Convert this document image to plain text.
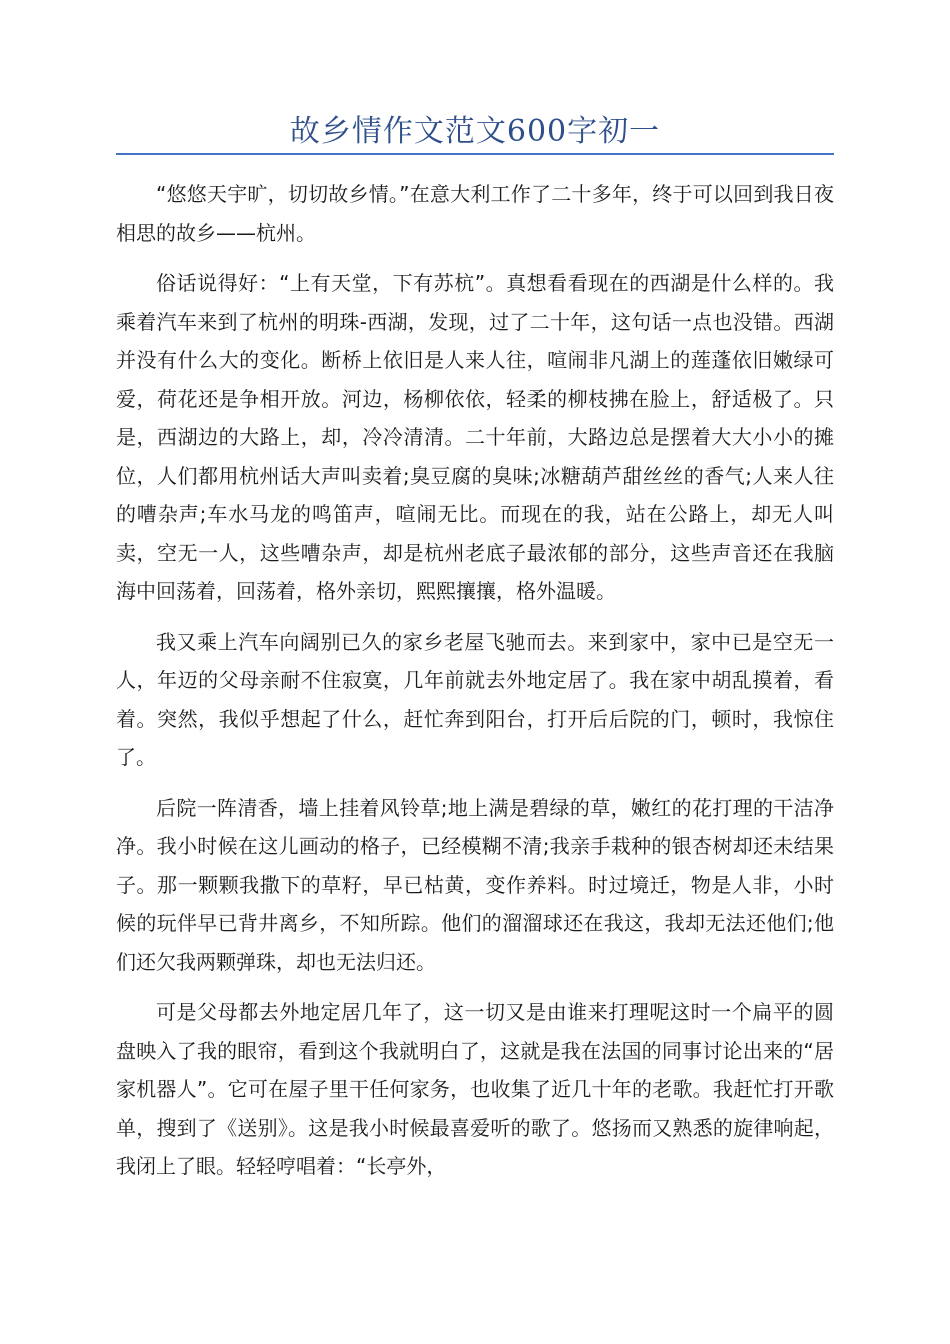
故乡情作文范文600字初一

“悠悠天宇旷，切切故乡情。”在意大利工作了二十多年，终于可以回到我日夜相思的故乡——杭州。

俗话说得好：“上有天堂，下有苏杭”。真想看看现在的西湖是什么样的。我乘着汽车来到了杭州的明珠-西湖，发现，过了二十年，这句话一点也没错。西湖并没有什么大的变化。断桥上依旧是人来人往，喧闹非凡湖上的莲蓬依旧嫩绿可爱，荷花还是争相开放。河边，杨柳依依，轻柔的柳枝拂在脸上，舒适极了。只是，西湖边的大路上，却，冷冷清清。二十年前，大路边总是摆着大大小小的摊位，人们都用杭州话大声叫卖着;臭豆腐的臭味;冰糖葫芦甜丝丝的香气;人来人往的嘈杂声;车水马龙的鸣笛声，喧闹无比。而现在的我，站在公路上，却无人叫卖，空无一人，这些嘈杂声，却是杭州老底子最浓郁的部分，这些声音还在我脑海中回荡着，回荡着，格外亲切，熙熙攘攘，格外温暖。

我又乘上汽车向阔别已久的家乡老屋飞驰而去。来到家中，家中已是空无一人，年迈的父母亲耐不住寂寞，几年前就去外地定居了。我在家中胡乱摸着，看着。突然，我似乎想起了什么，赶忙奔到阳台，打开后后院的门，顿时，我惊住了。

后院一阵清香，墙上挂着风铃草;地上满是碧绿的草，嫩红的花打理的干洁净净。我小时候在这儿画动的格子，已经模糊不清;我亲手栽种的银杏树却还未结果子。那一颗颗我撒下的草籽，早已枯黄，变作养料。时过境迁，物是人非，小时候的玩伴早已背井离乡，不知所踪。他们的溜溜球还在我这，我却无法还他们;他们还欠我两颗弹珠，却也无法归还。

可是父母都去外地定居几年了，这一切又是由谁来打理呢这时一个扁平的圆盘映入了我的眼帘，看到这个我就明白了，这就是我在法国的同事讨论出来的“居家机器人”。它可在屋子里干任何家务，也收集了近几十年的老歌。我赶忙打开歌单，搜到了《送别》。这是我小时候最喜爱听的歌了。悠扬而又熟悉的旋律响起，我闭上了眼。轻轻哼唱着：“长亭外，
